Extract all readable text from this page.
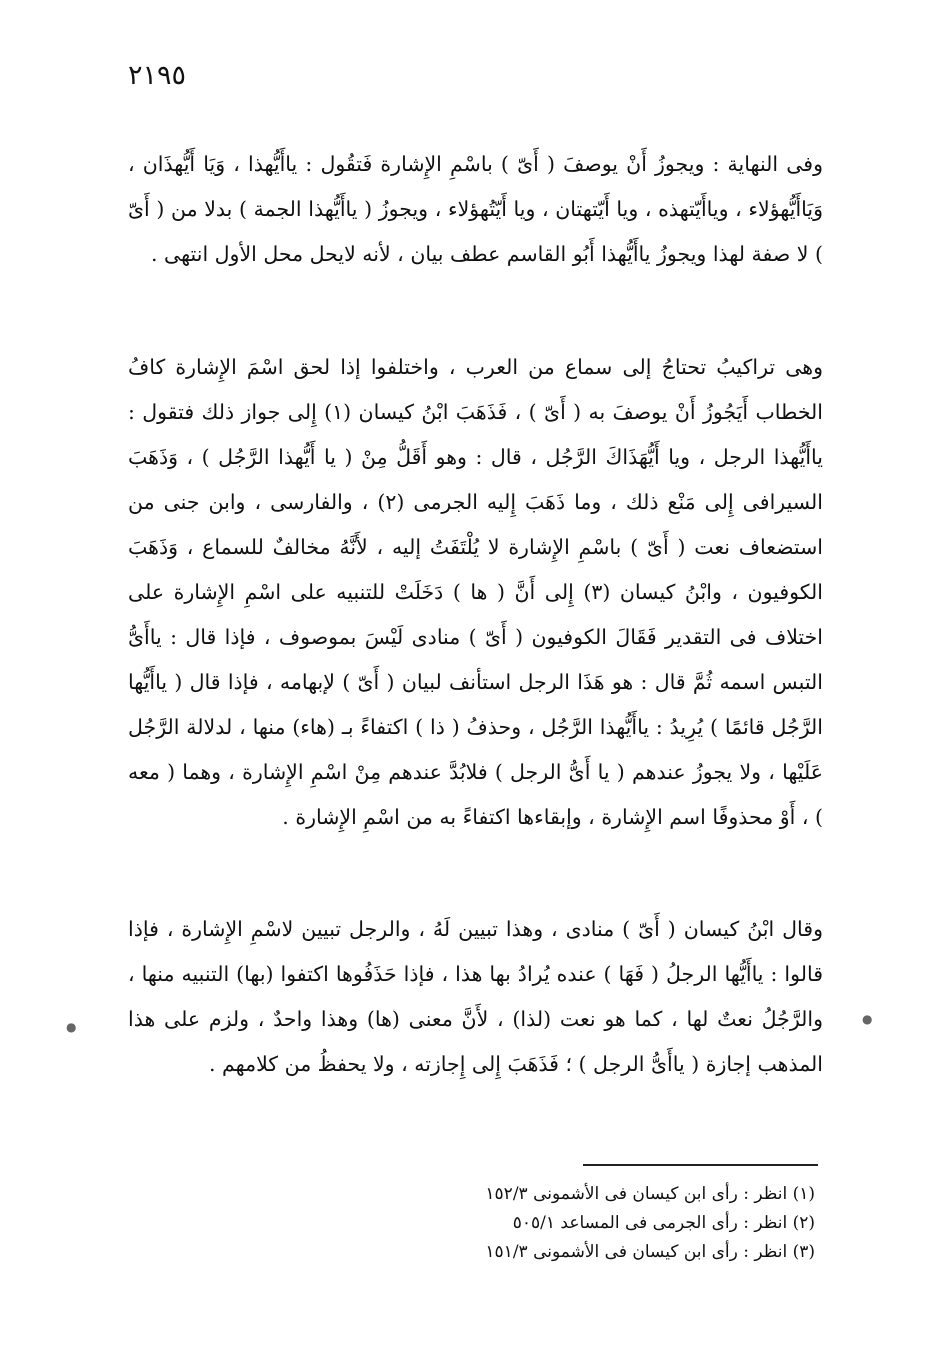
٢١٩٥

وفى النهاية : ويجوزُ أَنْ يوصفَ ( أَىّ ) باسْمِ الإِشارة فَتقُول : ياأَيُّهذا ، وَيَا أَيُّهذَان ، وَيَاأَيُّهؤلاء ، وياأَيّتهذه ، ويا أَيّتهتان ، ويا أَيّتُهؤلاء ، ويجوزُ ( ياأَيُّهذا الجمة ) بدلا من ( أَىّ ) لا صفة لهذا ويجوزُ ياأَيُّهذا أَبُو القاسم عطف بيان ، لأنه لايحل محل الأول انتهى .

وهى تراكيبُ تحتاجُ إلى سماع من العرب ، واختلفوا إذا لحق اسْمَ الإِشارة كافُ الخطاب أَيَجُوزُ أَنْ يوصفَ به ( أَىّ ) ، فَذَهَبَ ابْنُ كيسان (١) إِلى جواز ذلك فتقول : ياأَيُّهذا الرجل ، ويا أَيُّهَذَاكَ الرَّجُل ، قال : وهو أَقَلُّ مِنْ ( يا أَيُّهذا الرَّجُل ) ، وَذَهَبَ السيرافى إِلى مَنْع ذلك ، وما ذَهَبَ إِليه الجرمى (٢) ، والفارسى ، وابن جنى من استضعاف نعت ( أَىّ ) باسْمِ الإِشارة لا يُلْتَفَتُ إليه ، لأَنَّهُ مخالفٌ للسماع ، وَذَهَبَ الكوفيون ، وابْنُ كيسان (٣) إِلى أَنَّ ( ها ) دَخَلَتْ للتنبيه على اسْمِ الإِشارة على اختلاف فى التقدير فَقَالَ الكوفيون ( أَىّ ) منادى لَيْسَ بموصوف ، فإذا قال : ياأَىُّ التبس اسمه ثُمَّ قال : هو هَذَا الرجل استأنف لبيان ( أَىّ ) لإبهامه ، فإذا قال ( ياأَيُّها الرَّجُل قائمًا ) يُرِيدُ : ياأَيُّهذا الرَّجُل ، وحذفُ ( ذا ) اكتفاءً بـ (هاء) منها ، لدلالة الرَّجُل عَلَيْها ، ولا يجوزُ عندهم ( يا أَىُّ الرجل ) فلابُدَّ عندهم مِنْ اسْمِ الإِشارة ، وهما ( معه ) ، أَوْ محذوفًا اسم الإِشارة ، وإبقاءها اكتفاءً به من اسْمِ الإِشارة .

وقال ابْنُ كيسان ( أَىّ ) منادى ، وهذا تبيين لَهُ ، والرجل تبيين لاسْمِ الإِشارة ، فإذا قالوا : ياأَيُّها الرجلُ ( فَهَا ) عنده يُرادُ بها هذا ، فإذا حَذَفُوها اكتفوا (بها) التنبيه منها ، والرَّجُلُ نعتٌ لها ، كما هو نعت (لذا) ، لأَنَّ معنى (ها) وهذا واحدٌ ، ولزم على هذا المذهب إجازة ( ياأَىُّ الرجل ) ؛ فَذَهَبَ إِلى إِجازته ، ولا يحفظُ من كلامهم .

(١) انظر : رأى ابن كيسان فى الأشمونى ١٥٢/٣
(٢) انظر : رأى الجرمى فى المساعد ٥٠٥/١
(٣) انظر : رأى ابن كيسان فى الأشمونى ١٥١/٣
●
●
